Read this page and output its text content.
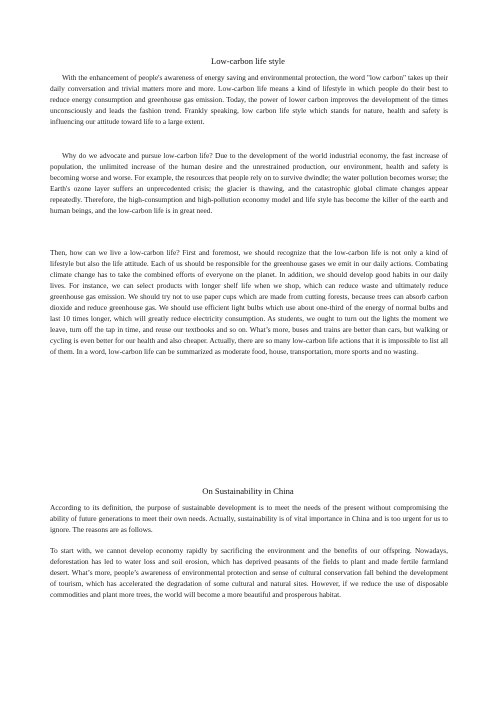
Low-carbon life style

With the enhancement of people's awareness of energy saving and environmental protection, the word "low carbon" takes up their daily conversation and trivial matters more and more. Low-carbon life means a kind of lifestyle in which people do their best to reduce energy consumption and greenhouse gas emission. Today, the power of lower carbon improves the development of the times unconsciously and leads the fashion trend. Frankly speaking, low carbon life style which stands for nature, health and safety is influencing our attitude toward life to a large extent.

Why do we advocate and pursue low-carbon life? Due to the development of the world industrial economy, the fast increase of population, the unlimited increase of the human desire and the unrestrained production, our environment, health and safety is becoming worse and worse. For example, the resources that people rely on to survive dwindle; the water pollution becomes worse; the Earth's ozone layer suffers an unprecedented crisis; the glacier is thawing, and the catastrophic global climate changes appear repeatedly. Therefore, the high-consumption and high-pollution economy model and life style has become the killer of the earth and human beings, and the low-carbon life is in great need.

Then, how can we live a low-carbon life? First and foremost, we should recognize that the low-carbon life is not only a kind of lifestyle but also the life attitude. Each of us should be responsible for the greenhouse gases we emit in our daily actions. Combating climate change has to take the combined efforts of everyone on the planet. In addition, we should develop good habits in our daily lives. For instance, we can select products with longer shelf life when we shop, which can reduce waste and ultimately reduce greenhouse gas emission. We should try not to use paper cups which are made from cutting forests, because trees can absorb carbon dioxide and reduce greenhouse gas. We should use efficient light bulbs which use about one-third of the energy of normal bulbs and last 10 times longer, which will greatly reduce electricity consumption. As students, we ought to turn out the lights the moment we leave, turn off the tap in time, and reuse our textbooks and so on. What’s more, buses and trains are better than cars, but walking or cycling is even better for our health and also cheaper. Actually, there are so many low-carbon life actions that it is impossible to list all of them. In a word, low-carbon life can be summarized as moderate food, house, transportation, more sports and no wasting.

On Sustainability in China

According to its definition, the purpose of sustainable development is to meet the needs of the present without compromising the ability of future generations to meet their own needs. Actually, sustainability is of vital importance in China and is too urgent for us to ignore. The reasons are as follows.

To start with, we cannot develop economy rapidly by sacrificing the environment and the benefits of our offspring. Nowadays, deforestation has led to water loss and soil erosion, which has deprived peasants of the fields to plant and made fertile farmland desert. What’s more, people’s awareness of environmental protection and sense of cultural conservation fall behind the development of tourism, which has accelerated the degradation of some cultural and natural sites. However, if we reduce the use of disposable commodities and plant more trees, the world will become a more beautiful and prosperous habitat.
